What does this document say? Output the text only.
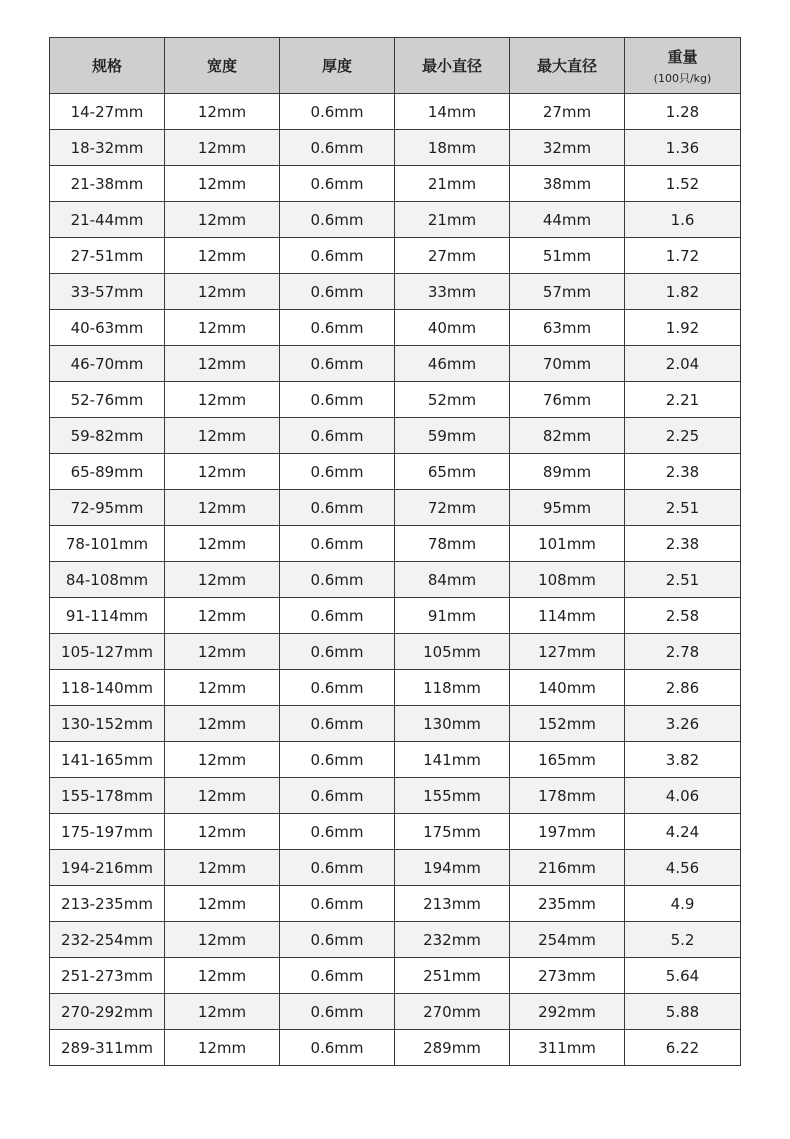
规格	宽度	厚度	最小直径	最大直径	重量
(100只/kg)

14-27mm	12mm	0.6mm	14mm	27mm	1.28
18-32mm	12mm	0.6mm	18mm	32mm	1.36
21-38mm	12mm	0.6mm	21mm	38mm	1.52
21-44mm	12mm	0.6mm	21mm	44mm	1.6
27-51mm	12mm	0.6mm	27mm	51mm	1.72
33-57mm	12mm	0.6mm	33mm	57mm	1.82
40-63mm	12mm	0.6mm	40mm	63mm	1.92
46-70mm	12mm	0.6mm	46mm	70mm	2.04
52-76mm	12mm	0.6mm	52mm	76mm	2.21
59-82mm	12mm	0.6mm	59mm	82mm	2.25
65-89mm	12mm	0.6mm	65mm	89mm	2.38
72-95mm	12mm	0.6mm	72mm	95mm	2.51
78-101mm	12mm	0.6mm	78mm	101mm	2.38
84-108mm	12mm	0.6mm	84mm	108mm	2.51
91-114mm	12mm	0.6mm	91mm	114mm	2.58
105-127mm	12mm	0.6mm	105mm	127mm	2.78
118-140mm	12mm	0.6mm	118mm	140mm	2.86
130-152mm	12mm	0.6mm	130mm	152mm	3.26
141-165mm	12mm	0.6mm	141mm	165mm	3.82
155-178mm	12mm	0.6mm	155mm	178mm	4.06
175-197mm	12mm	0.6mm	175mm	197mm	4.24
194-216mm	12mm	0.6mm	194mm	216mm	4.56
213-235mm	12mm	0.6mm	213mm	235mm	4.9
232-254mm	12mm	0.6mm	232mm	254mm	5.2
251-273mm	12mm	0.6mm	251mm	273mm	5.64
270-292mm	12mm	0.6mm	270mm	292mm	5.88
289-311mm	12mm	0.6mm	289mm	311mm	6.22
